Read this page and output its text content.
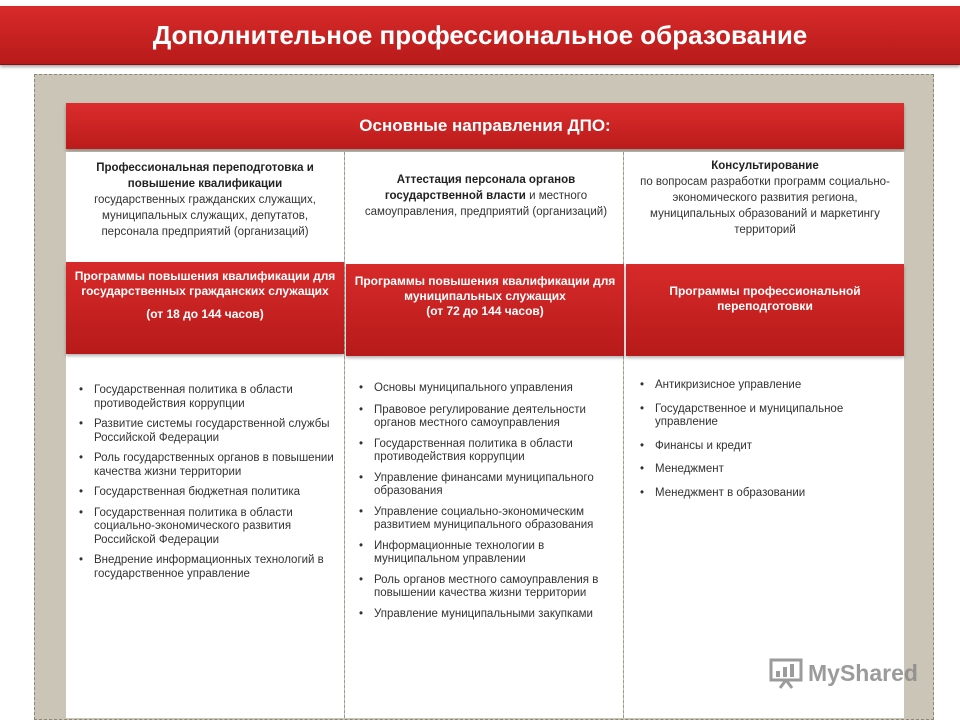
Дополнительное профессиональное образование
Основные направления ДПО:
Профессиональная переподготовка и повышение квалификации
государственных гражданских служащих, муниципальных служащих, депутатов, персонала предприятий (организаций)
Аттестация персонала органов государственной власти и местного самоуправления, предприятий (организаций)
Консультирование
по вопросам разработки программ социально-экономического развития региона, муниципальных образований и маркетингу территорий
Программы повышения квалификации для государственных гражданских служащих
(от 18 до 144 часов)
Программы повышения квалификации для муниципальных служащих
(от 72 до 144 часов)
Программы профессиональной переподготовки
• Государственная политика в области противодействия коррупции
• Развитие системы государственной службы Российской Федерации
• Роль государственных органов в повышении качества жизни территории
• Государственная бюджетная политика
• Государственная политика в области социально-экономического развития Российской Федерации
• Внедрение информационных технологий в государственное управление
• Основы муниципального управления
• Правовое регулирование деятельности органов местного самоуправления
• Государственная политика в области противодействия коррупции
• Управление финансами муниципального образования
• Управление социально-экономическим развитием муниципального образования
• Информационные технологии в муниципальном управлении
• Роль органов местного самоуправления в повышении качества жизни территории
• Управление муниципальными закупками
• Антикризисное управление
• Государственное и муниципальное управление
• Финансы и кредит
• Менеджмент
• Менеджмент в образовании
MyShared
